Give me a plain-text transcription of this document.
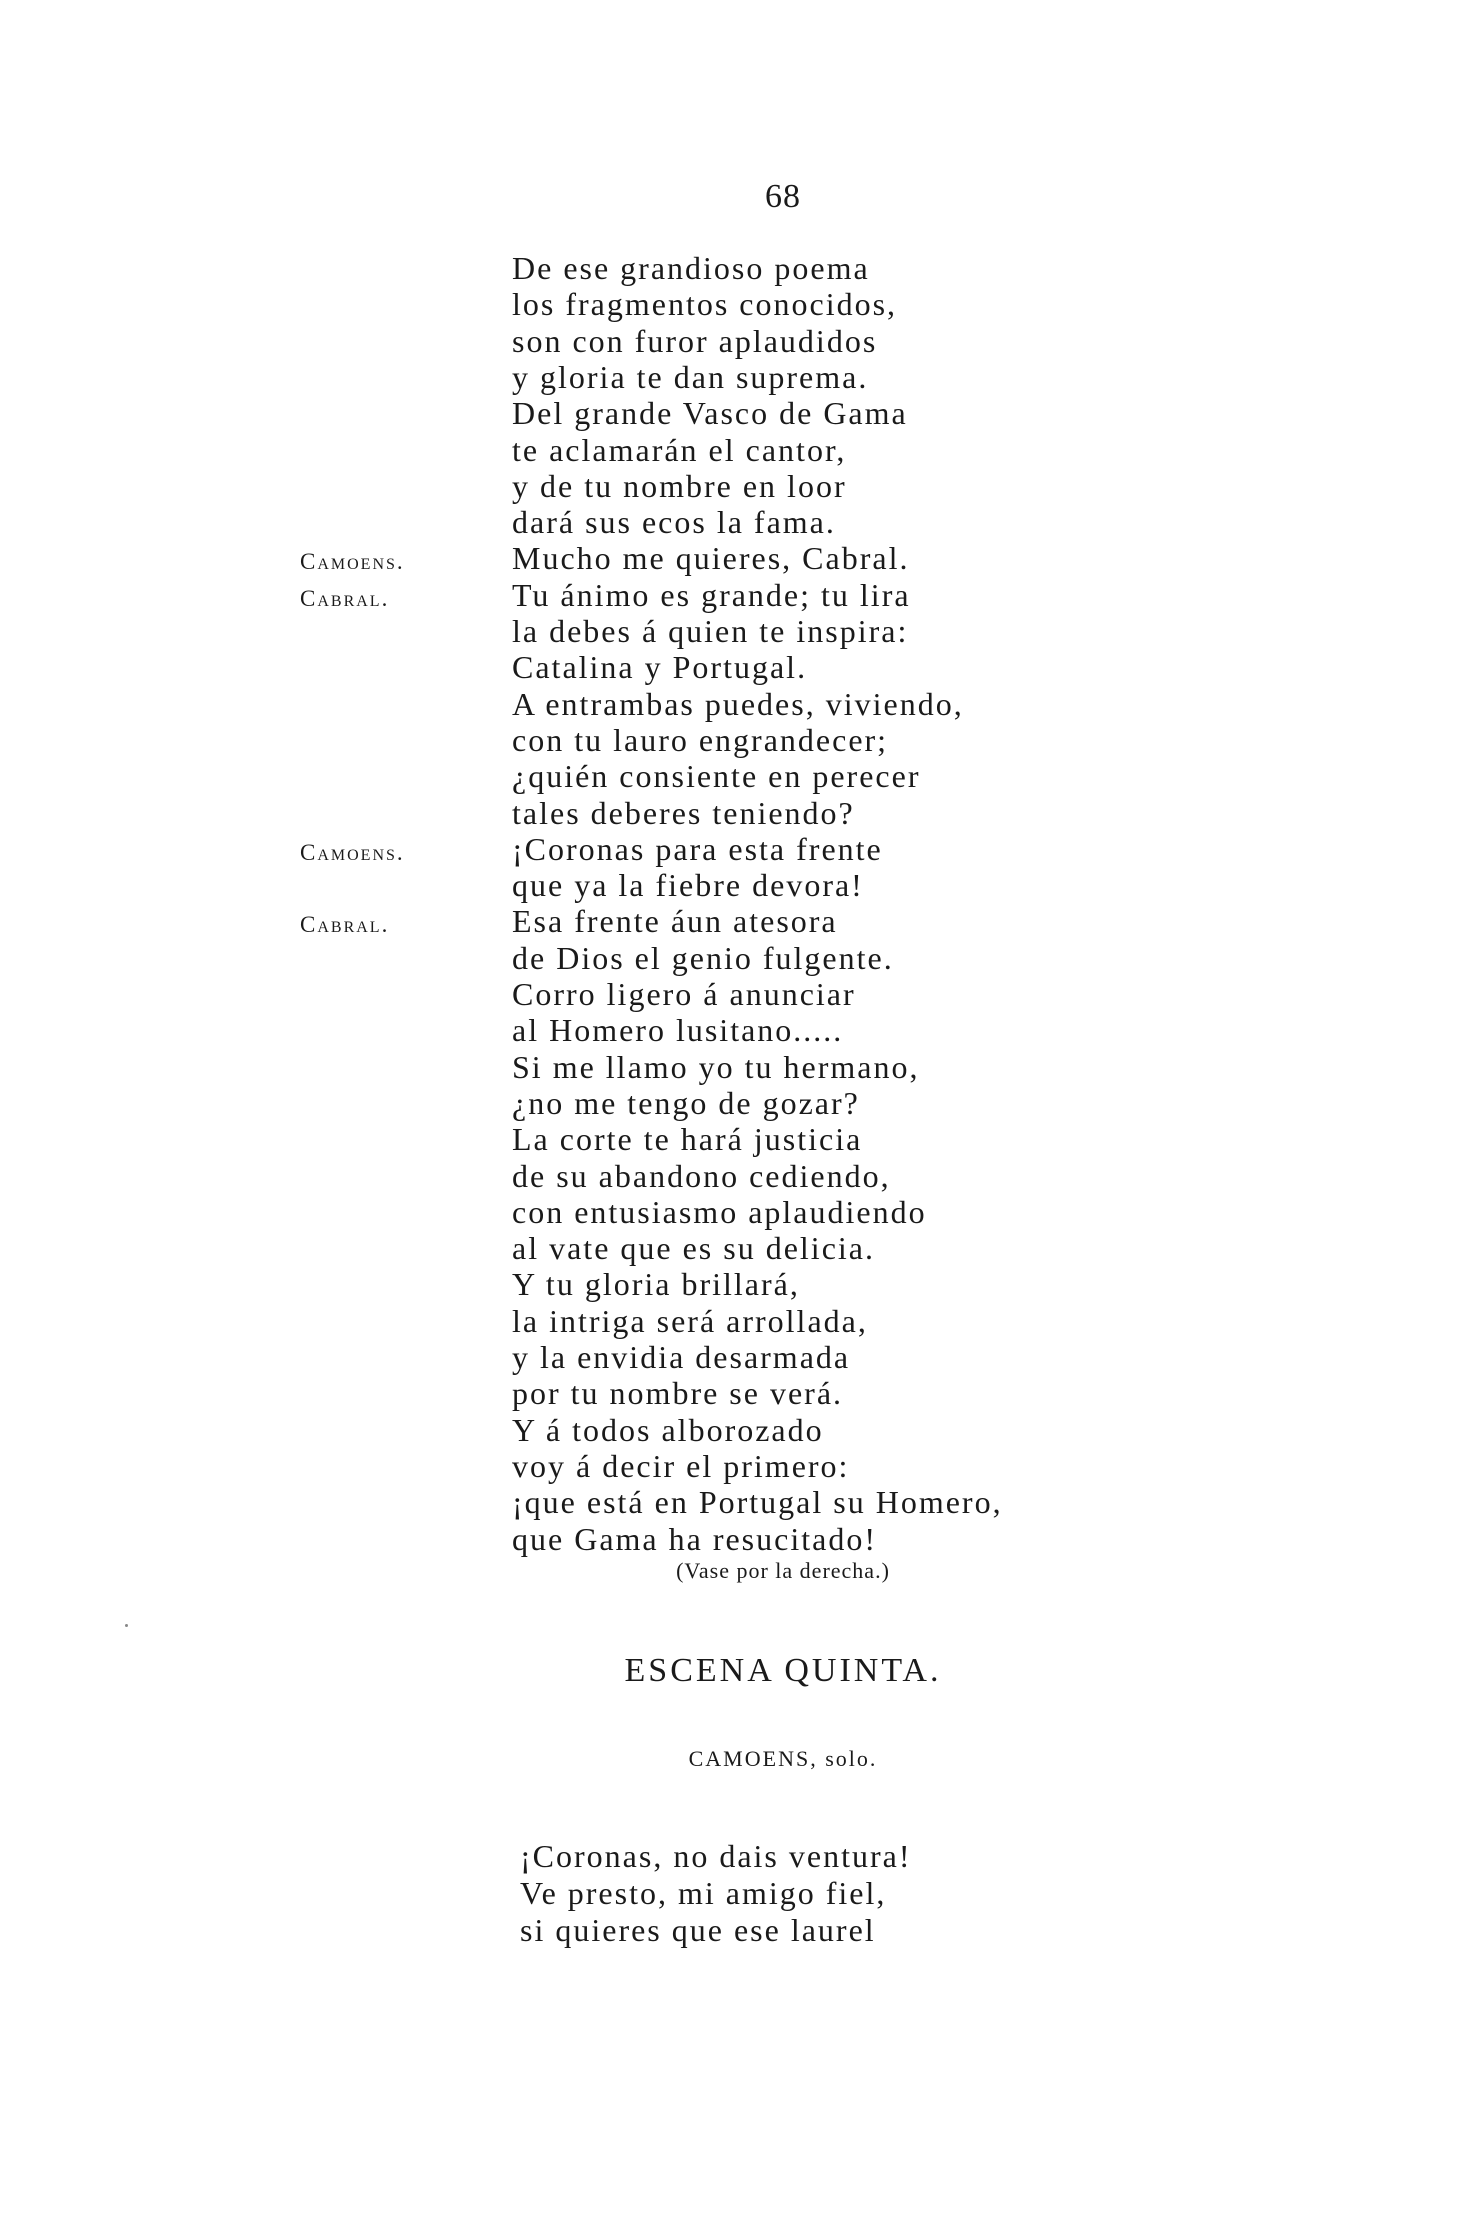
68
De ese grandioso poema
los fragmentos conocidos,
son con furor aplaudidos
y gloria te dan suprema.
Del grande Vasco de Gama
te aclamarán el cantor,
y de tu nombre en loor
dará sus ecos la fama.
Mucho me quieres, Cabral.
Tu ánimo es grande; tu lira
la debes á quien te inspira:
Catalina y Portugal.
A entrambas puedes, viviendo,
con tu lauro engrandecer;
¿quién consiente en perecer
tales deberes teniendo?
¡Coronas para esta frente
que ya la fiebre devora!
Esa frente áun atesora
de Dios el genio fulgente.
Corro ligero á anunciar
al Homero lusitano.....
Si me llamo yo tu hermano,
¿no me tengo de gozar?
La corte te hará justicia
de su abandono cediendo,
con entusiasmo aplaudiendo
al vate que es su delicia.
Y tu gloria brillará,
la intriga será arrollada,
y la envidia desarmada
por tu nombre se verá.
Y á todos alborozado
voy á decir el primero:
¡que está en Portugal su Homero,
que Gama ha resucitado!
Camoens.
Cabral.
Camoens.
Cabral.
(Vase por la derecha.)
ESCENA QUINTA.
CAMOENS, solo.
¡Coronas, no dais ventura!
Ve presto, mi amigo fiel,
si quieres que ese laurel
